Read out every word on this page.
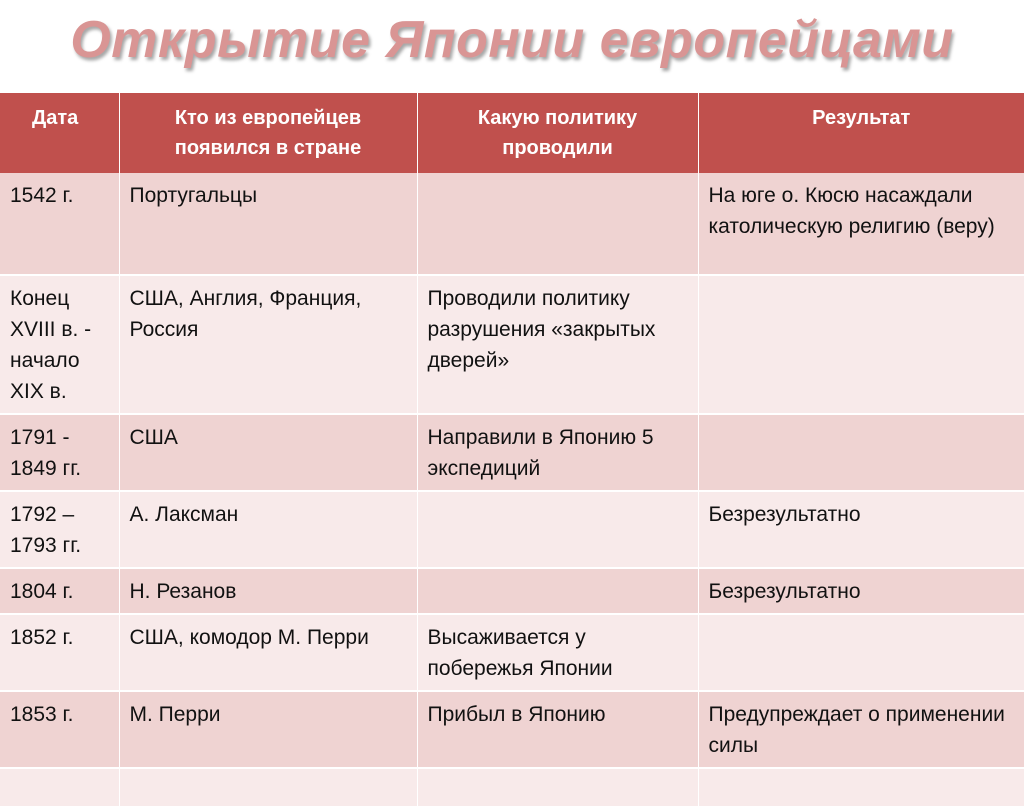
Открытие Японии европейцами
Дата	Кто из европейцев появился в стране	Какую политику проводили	Результат
1542 г.	Португальцы		На юге о. Кюсю насаждали католическую религию (веру)
Конец XVIII в. - начало XIX в.	США, Англия, Франция, Россия	Проводили политику разрушения «закрытых дверей»	
1791 - 1849 гг.	США	Направили в Японию 5 экспедиций	
1792 – 1793 гг.	А. Лаксман		Безрезультатно
1804 г.	Н. Резанов		Безрезультатно
1852 г.	США, комодор М. Перри	Высаживается у побережья Японии	
1853 г.	М. Перри	Прибыл в Японию	Предупреждает о применении силы
